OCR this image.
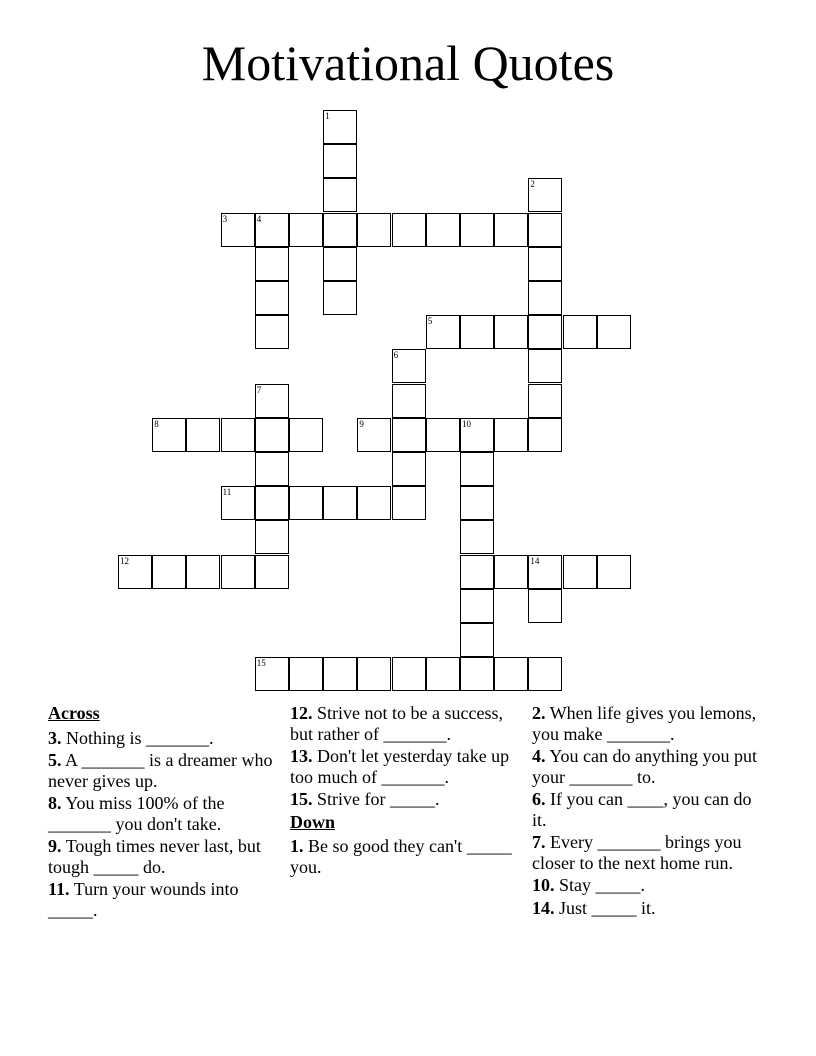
Motivational Quotes
1
2
3	4
5
6
7
8	9	10
11
12	14
15
Across
3. Nothing is _______.
5. A _______ is a dreamer who never gives up.
8. You miss 100% of the _______ you don't take.
9. Tough times never last, but tough _____ do.
11. Turn your wounds into _____.
12. Strive not to be a success, but rather of _______.
13. Don't let yesterday take up too much of _______.
15. Strive for _____.
Down
1. Be so good they can't _____ you.
2. When life gives you lemons, you make _______.
4. You can do anything you put your _______ to.
6. If you can ____, you can do it.
7. Every _______ brings you closer to the next home run.
10. Stay _____.
14. Just _____ it.
